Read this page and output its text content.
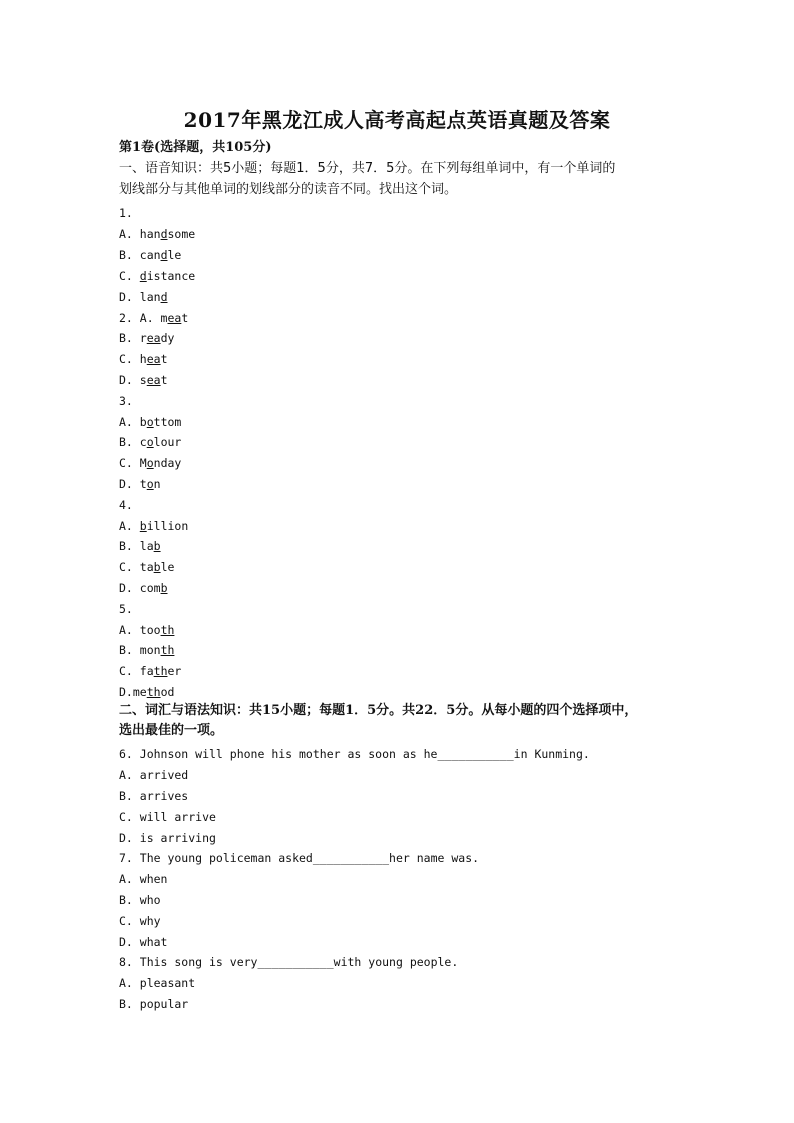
2017年黑龙江成人高考高起点英语真题及答案
第1卷(选择题，共105分)
一、语音知识：共5小题；每题1．5分，共7．5分。在下列每组单词中，有一个单词的
划线部分与其他单词的划线部分的读音不同。找出这个词。
1.
A. handsome
B. candle
C. distance
D. land
2. A. meat
B. ready
C. heat
D. seat
3.
A. bottom
B. colour
C. Monday
D. ton
4.
A. billion
B. lab
C. table
D. comb
5.
A. tooth
B. month
C. father
D.method
二、词汇与语法知识：共15小题；每题1．5分。共22．5分。从每小题的四个选择项中，
选出最佳的一项。
6. Johnson will phone his mother as soon as he___________in Kunming.
A. arrived
B. arrives
C. will arrive
D. is arriving
7. The young policeman asked___________her name was.
A. when
B. who
C. why
D. what
8. This song is very___________with young people.
A. pleasant
B. popular
